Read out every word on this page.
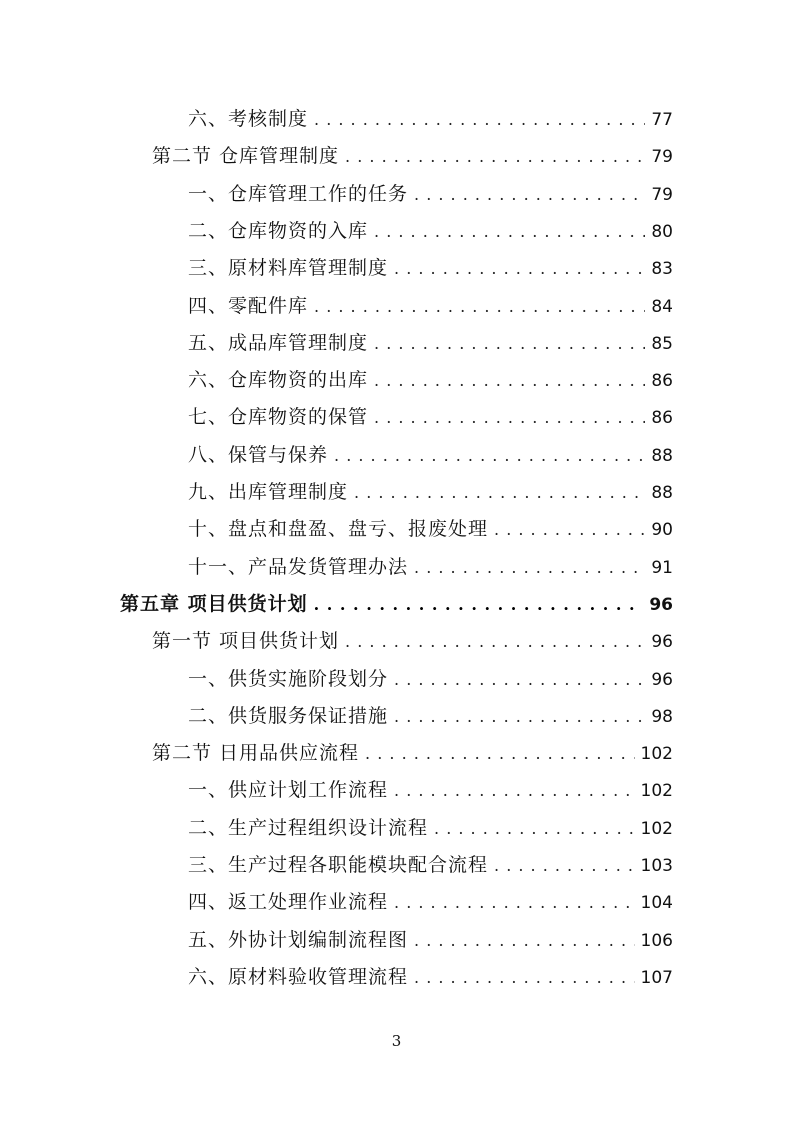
六、考核制度 . . .	77
第二节 仓库管理制度 . . .	79
一、仓库管理工作的任务 . . .	79
二、仓库物资的入库 . . .	80
三、原材料库管理制度 . . .	83
四、零配件库 . . .	84
五、成品库管理制度 . . .	85
六、仓库物资的出库 . . .	86
七、仓库物资的保管 . . .	86
八、保管与保养 . . .	88
九、出库管理制度 . . .	88
十、盘点和盘盈、盘亏、报废处理 . . .	90
十一、产品发货管理办法 . . .	91
第五章 项目供货计划 . . .	96
第一节 项目供货计划 . . .	96
一、供货实施阶段划分 . . .	96
二、供货服务保证措施 . . .	98
第二节 日用品供应流程 . . .	102
一、供应计划工作流程 . . .	102
二、生产过程组织设计流程 . . .	102
三、生产过程各职能模块配合流程 . . .	103
四、返工处理作业流程 . . .	104
五、外协计划编制流程图 . . .	106
六、原材料验收管理流程 . . .	107
3
